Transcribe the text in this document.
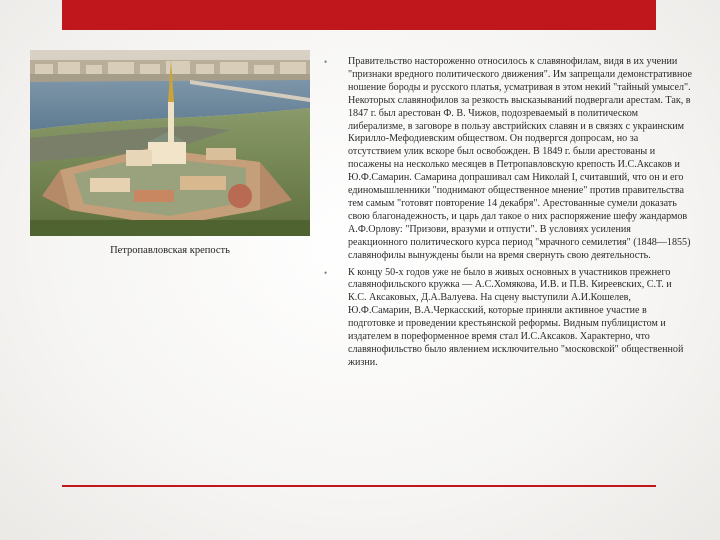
Петропавловская крепость
• Правительство настороженно относилось к славянофилам, видя в их учении "признаки вредного политического движения". Им запрещали демонстративное ношение бороды и русского платья, усматривая в этом некий "тайный умысел". Некоторых славянофилов за резкость высказываний подвергали арестам. Так, в 1847 г. был арестован Ф. В. Чижов, подозреваемый в политическом либерализме, в заговоре в пользу австрийских славян и в связях с украинским Кирилло-Мефодиевским обществом. Он подвергся допросам, но за отсутствием улик вскоре был освобожден. В 1849 г. были арестованы и посажены на несколько месяцев в Петропавловскую крепость И.С.Аксаков и Ю.Ф.Самарин. Самарина допрашивал сам Николай I, считавший, что он и его единомышленники "поднимают общественное мнение" против правительства тем самым "готовят повторение 14 декабря". Арестованные сумели доказать свою благонадежность, и царь дал такое о них распоряжение шефу жандармов А.Ф.Орлову: "Призови, вразуми и отпусти". В условиях усиления реакционного политического курса период "мрачного семилетия" (1848—1855) славянофилы вынуждены были на время свернуть свою деятельность.
• К концу 50-х годов уже не было в живых основных в участников прежнего славянофильского кружка — А.С.Хомякова, И.В. и П.В. Киреевских, С.Т. и К.С. Аксаковых, Д.А.Валуева. На сцену выступили А.И.Кошелев, Ю.Ф.Самарин, В.А.Черкасский, которые приняли активное участие в подготовке и проведении крестьянской реформы. Видным публицистом и издателем в пореформенное время стал И.С.Аксаков. Характерно, что славянофильство было явлением исключительно "московской" общественной жизни.
